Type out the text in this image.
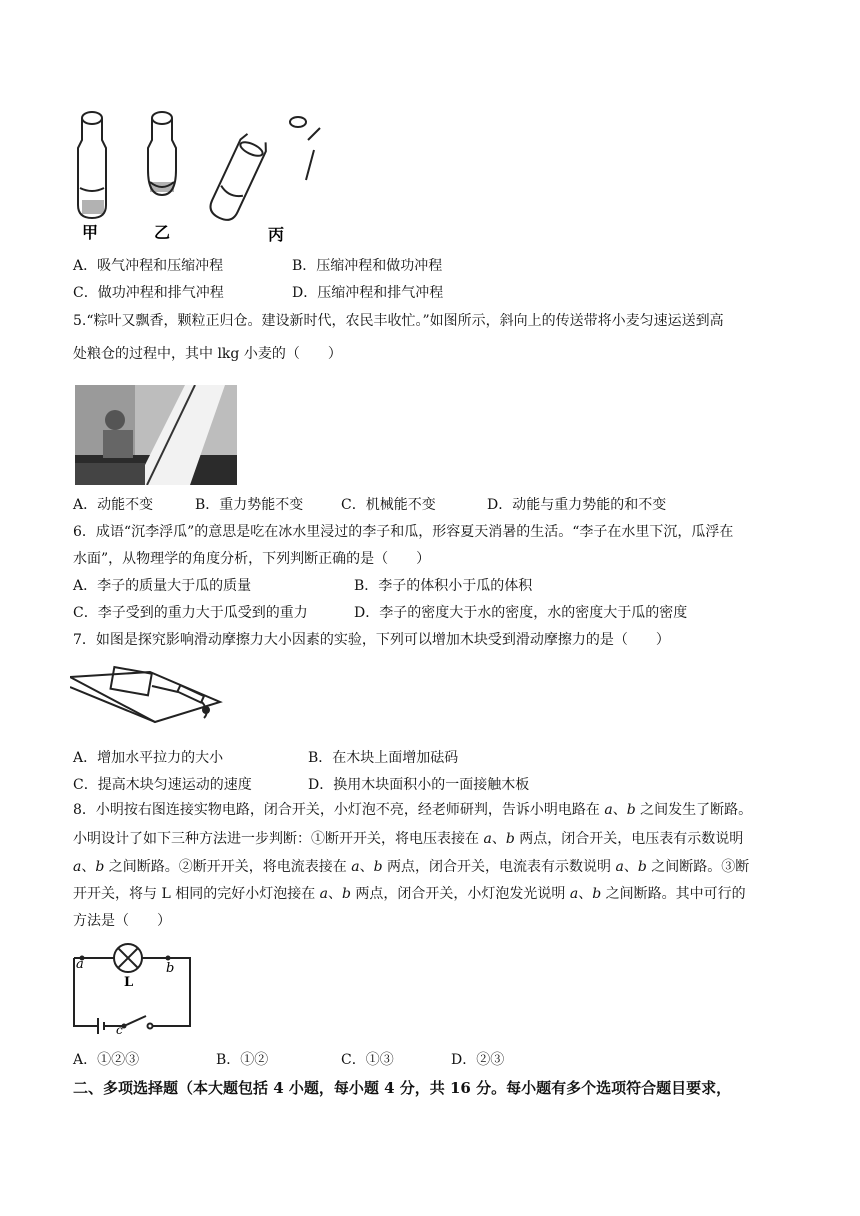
甲	乙	丙
A．吸气冲程和压缩冲程	B．压缩冲程和做功冲程
C．做功冲程和排气冲程	D．压缩冲程和排气冲程
5.“粽叶又飘香，颗粒正归仓。建设新时代，农民丰收忙。”如图所示，斜向上的传送带将小麦匀速运送到高
处粮仓的过程中，其中 lkg 小麦的（　　）
A．动能不变	B．重力势能不变	C．机械能不变	D．动能与重力势能的和不变
6．成语“沉李浮瓜”的意思是吃在冰水里浸过的李子和瓜，形容夏天消暑的生活。“李子在水里下沉，瓜浮在
水面”，从物理学的角度分析，下列判断正确的是（　　）
A．李子的质量大于瓜的质量	B．李子的体积小于瓜的体积
C．李子受到的重力大于瓜受到的重力	D．李子的密度大于水的密度，水的密度大于瓜的密度
7．如图是探究影响滑动摩擦力大小因素的实验，下列可以增加木块受到滑动摩擦力的是（　　）
A．增加水平拉力的大小	B．在木块上面增加砝码
C．提高木块匀速运动的速度	D．换用木块面积小的一面接触木板
8．小明按右图连接实物电路，闭合开关，小灯泡不亮，经老师研判，告诉小明电路在 a、b 之间发生了断路。
小明设计了如下三种方法进一步判断：①断开开关，将电压表接在 a、b 两点，闭合开关，电压表有示数说明
a、b 之间断路。②断开开关，将电流表接在 a、b 两点，闭合开关，电流表有示数说明 a、b 之间断路。③断
开开关，将与 L 相同的完好小灯泡接在 a、b 两点，闭合开关，小灯泡发光说明 a、b 之间断路。其中可行的
方法是（　　）
a	b
c
L
A．①②③	B．①②	C．①③	D．②③
二、多项选择题（本大题包括 4 小题，每小题 4 分，共 16 分。每小题有多个选项符合题目要求，
